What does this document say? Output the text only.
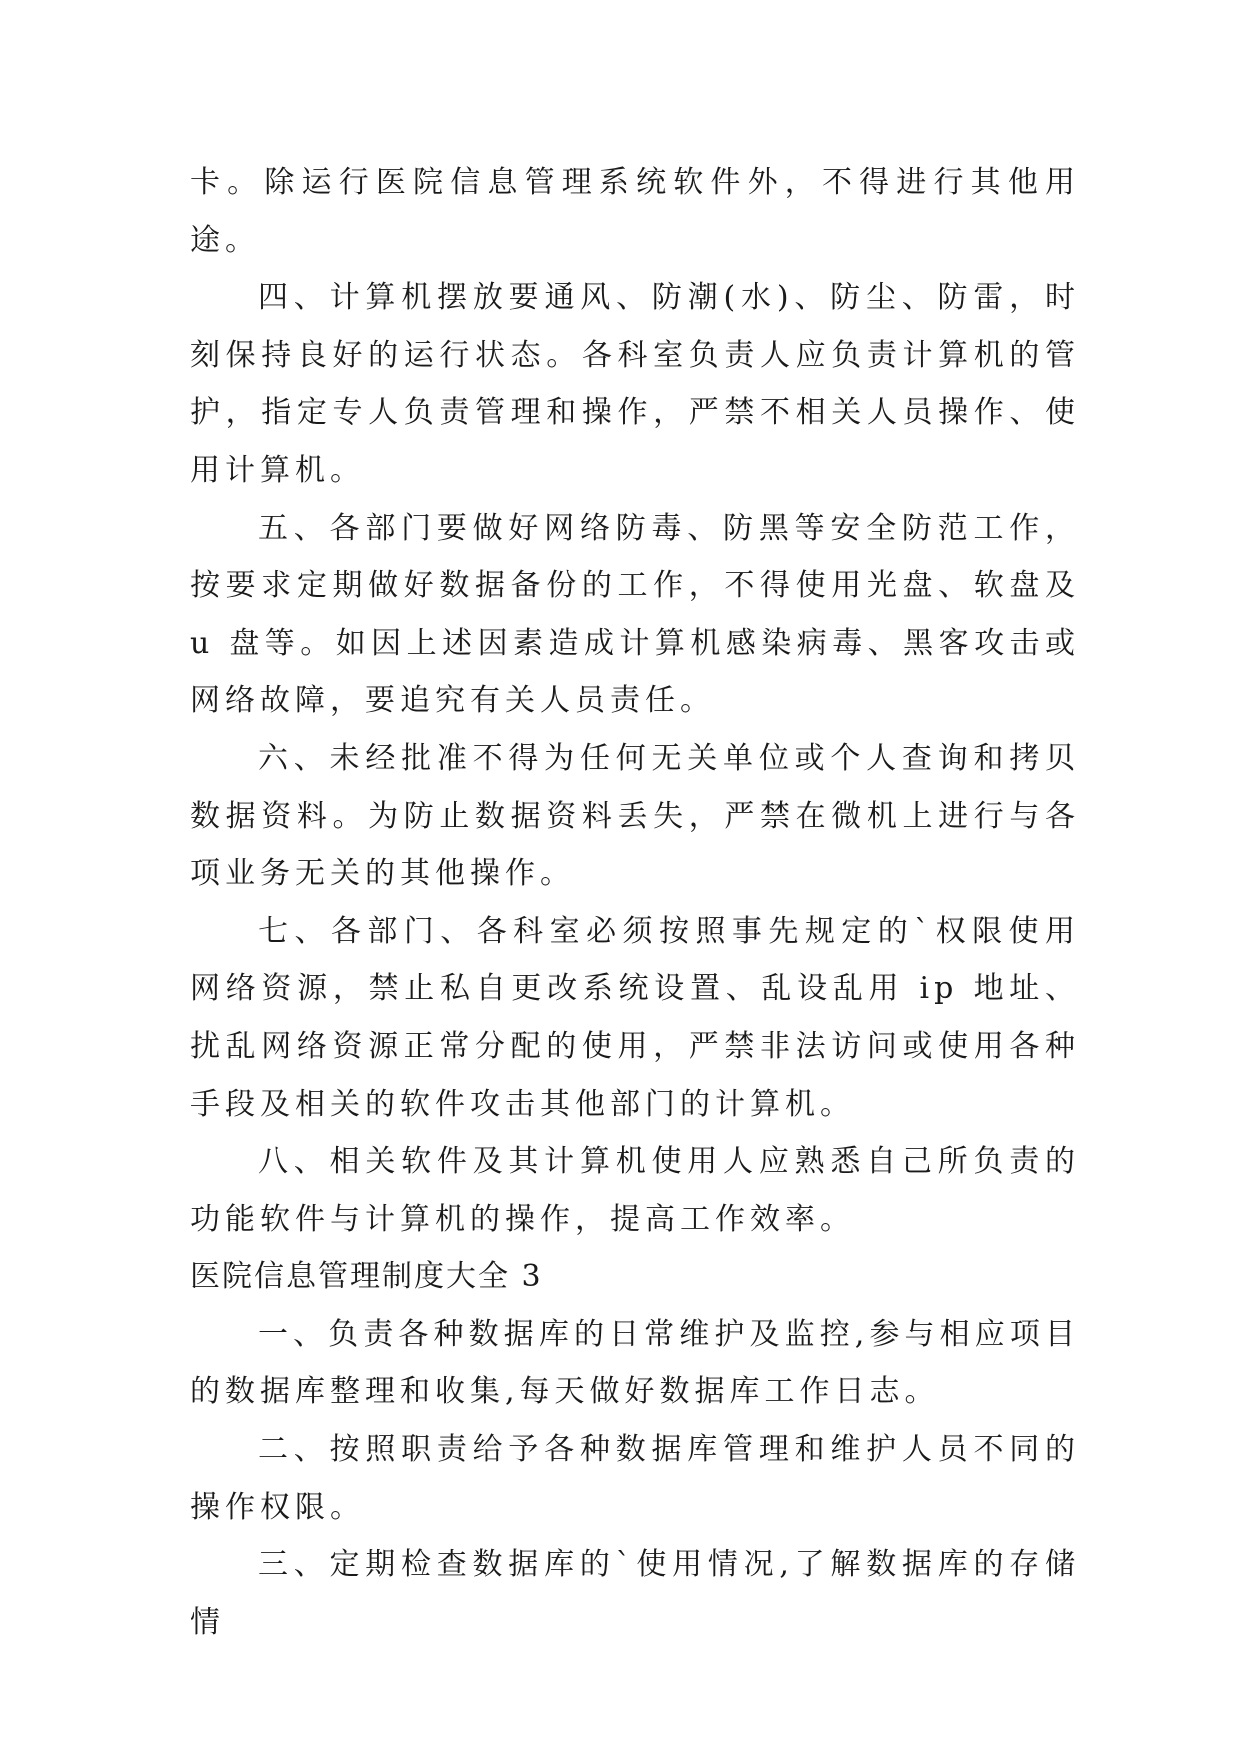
卡。除运行医院信息管理系统软件外，不得进行其他用途。

四、计算机摆放要通风、防潮(水)、防尘、防雷，时刻保持良好的运行状态。各科室负责人应负责计算机的管护，指定专人负责管理和操作，严禁不相关人员操作、使用计算机。

五、各部门要做好网络防毒、防黑等安全防范工作，按要求定期做好数据备份的工作，不得使用光盘、软盘及 u 盘等。如因上述因素造成计算机感染病毒、黑客攻击或网络故障，要追究有关人员责任。

六、未经批准不得为任何无关单位或个人查询和拷贝数据资料。为防止数据资料丢失，严禁在微机上进行与各项业务无关的其他操作。

七、各部门、各科室必须按照事先规定的`权限使用网络资源，禁止私自更改系统设置、乱设乱用 ip 地址、扰乱网络资源正常分配的使用，严禁非法访问或使用各种手段及相关的软件攻击其他部门的计算机。

八、相关软件及其计算机使用人应熟悉自己所负责的功能软件与计算机的操作，提高工作效率。

医院信息管理制度大全 3

一、负责各种数据库的日常维护及监控,参与相应项目的数据库整理和收集,每天做好数据库工作日志。

二、按照职责给予各种数据库管理和维护人员不同的操作权限。

三、定期检查数据库的`使用情况,了解数据库的存储情
